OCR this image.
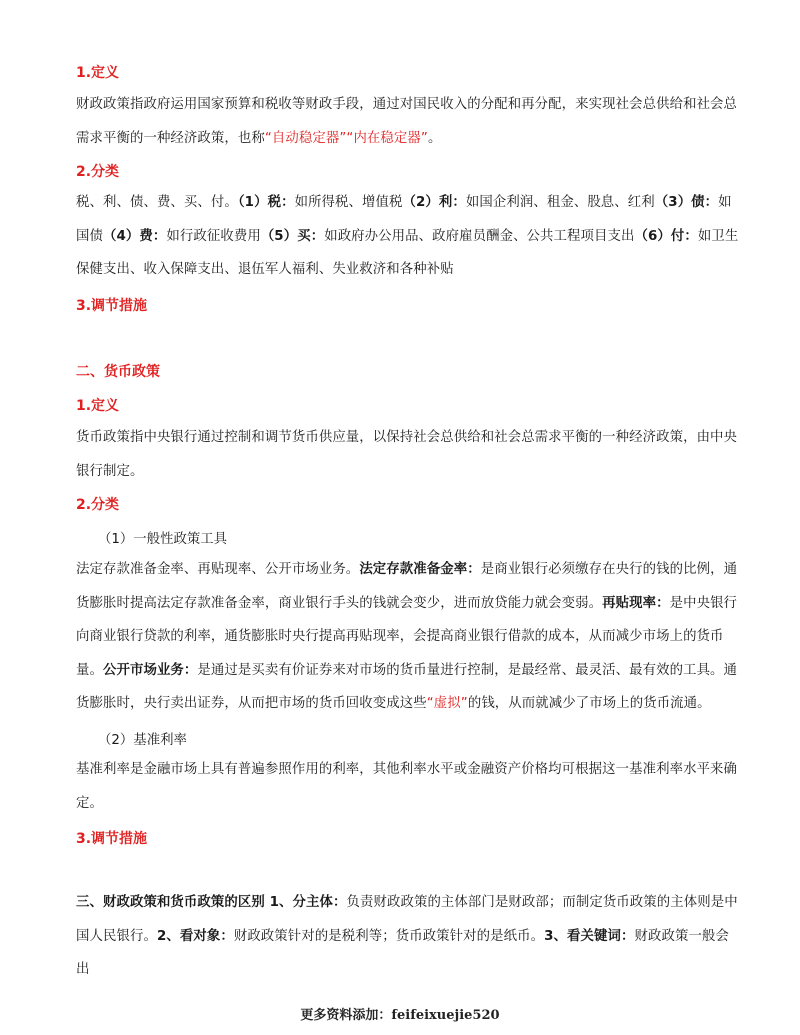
1.定义

财政政策指政府运用国家预算和税收等财政手段，通过对国民收入的分配和再分配，来实现社会总供给和社会总需求平衡的一种经济政策，也称“自动稳定器”“内在稳定器”。

2.分类

税、利、债、费、买、付。（1）税：如所得税、增值税（2）利：如国企利润、租金、股息、红利（3）债：如国债（4）费：如行政征收费用（5）买：如政府办公用品、政府雇员酬金、公共工程项目支出（6）付：如卫生保健支出、收入保障支出、退伍军人福利、失业救济和各种补贴

3.调节措施
二、货币政策
1.定义

货币政策指中央银行通过控制和调节货币供应量，以保持社会总供给和社会总需求平衡的一种经济政策，由中央银行制定。

2.分类
（1）一般性政策工具

法定存款准备金率、再贴现率、公开市场业务。法定存款准备金率：是商业银行必须缴存在央行的钱的比例，通货膨胀时提高法定存款准备金率，商业银行手头的钱就会变少，进而放贷能力就会变弱。再贴现率：是中央银行向商业银行贷款的利率，通货膨胀时央行提高再贴现率，会提高商业银行借款的成本，从而减少市场上的货币量。公开市场业务：是通过是买卖有价证券来对市场的货币量进行控制，是最经常、最灵活、最有效的工具。通货膨胀时，央行卖出证券，从而把市场的货币回收变成这些“虚拟”的钱，从而就减少了市场上的货币流通。

（2）基准利率

基准利率是金融市场上具有普遍参照作用的利率，其他利率水平或金融资产价格均可根据这一基准利率水平来确定。

3.调节措施

三、财政政策和货币政策的区别 1、分主体：负责财政政策的主体部门是财政部；而制定货币政策的主体则是中国人民银行。2、看对象：财政政策针对的是税利等；货币政策针对的是纸币。3、看关键词：财政政策一般会出

更多资料添加：feifeixuejie520
